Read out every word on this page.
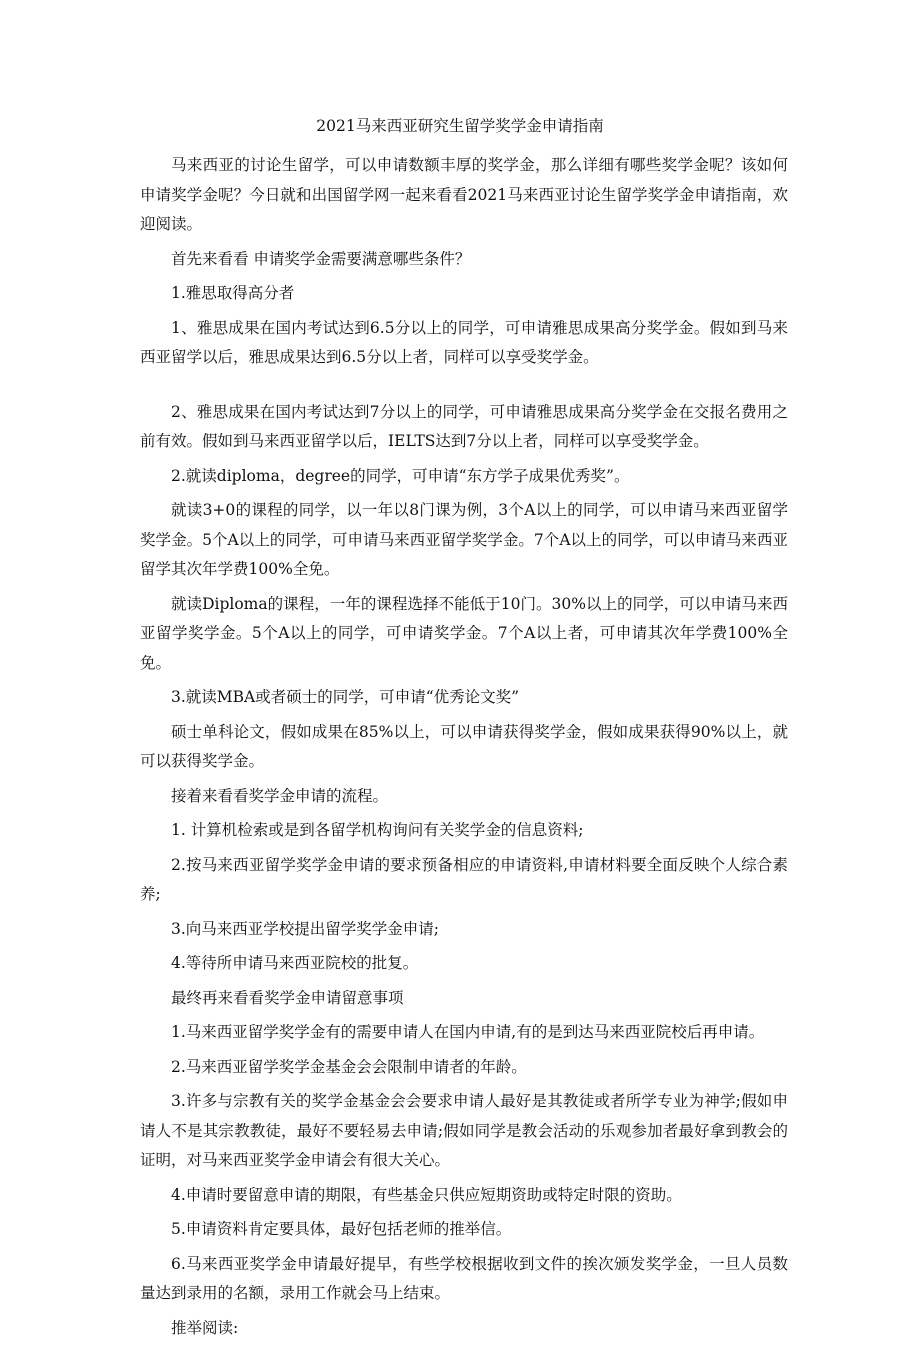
2021马来西亚研究生留学奖学金申请指南

马来西亚的讨论生留学，可以申请数额丰厚的奖学金，那么详细有哪些奖学金呢？该如何申请奖学金呢？今日就和出国留学网一起来看看2021马来西亚讨论生留学奖学金申请指南，欢迎阅读。

首先来看看 申请奖学金需要满意哪些条件？

1.雅思取得高分者

1、雅思成果在国内考试达到6.5分以上的同学，可申请雅思成果高分奖学金。假如到马来西亚留学以后，雅思成果达到6.5分以上者，同样可以享受奖学金。

2、雅思成果在国内考试达到7分以上的同学，可申请雅思成果高分奖学金在交报名费用之前有效。假如到马来西亚留学以后，IELTS达到7分以上者，同样可以享受奖学金。

2.就读diploma，degree的同学，可申请“东方学子成果优秀奖”。

就读3+0的课程的同学，以一年以8门课为例，3个A以上的同学，可以申请马来西亚留学奖学金。5个A以上的同学，可申请马来西亚留学奖学金。7个A以上的同学，可以申请马来西亚留学其次年学费100%全免。

就读Diploma的课程，一年的课程选择不能低于10门。30%以上的同学，可以申请马来西亚留学奖学金。5个A以上的同学，可申请奖学金。7个A以上者，可申请其次年学费100%全免。

3.就读MBA或者硕士的同学，可申请“优秀论文奖”

硕士单科论文，假如成果在85%以上，可以申请获得奖学金，假如成果获得90%以上，就可以获得奖学金。

接着来看看奖学金申请的流程。

1. 计算机检索或是到各留学机构询问有关奖学金的信息资料;

2.按马来西亚留学奖学金申请的要求预备相应的申请资料,申请材料要全面反映个人综合素养;

3.向马来西亚学校提出留学奖学金申请;

4.等待所申请马来西亚院校的批复。

最终再来看看奖学金申请留意事项

1.马来西亚留学奖学金有的需要申请人在国内申请,有的是到达马来西亚院校后再申请。

2.马来西亚留学奖学金基金会会限制申请者的年龄。

3.许多与宗教有关的奖学金基金会会要求申请人最好是其教徒或者所学专业为神学;假如申请人不是其宗教教徒，最好不要轻易去申请;假如同学是教会活动的乐观参加者最好拿到教会的证明，对马来西亚奖学金申请会有很大关心。

4.申请时要留意申请的期限，有些基金只供应短期资助或特定时限的资助。

5.申请资料肯定要具体，最好包括老师的推举信。

6.马来西亚奖学金申请最好提早，有些学校根据收到文件的挨次颁发奖学金，一旦人员数量达到录用的名额，录用工作就会马上结束。

推举阅读:
